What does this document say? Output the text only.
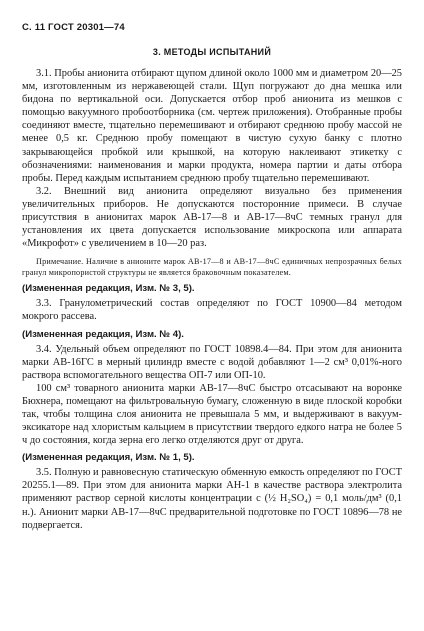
С. 11 ГОСТ 20301—74
3. МЕТОДЫ ИСПЫТАНИЙ

3.1. Пробы анионита отбирают щупом длиной около 1000 мм и диаметром 20—25 мм, изготовленным из нержавеющей стали. Щуп погружают до дна мешка или бидона по вертикальной оси. Допускается отбор проб анионита из мешков с помощью вакуумного пробоотборника (см. чертеж приложения). Отобранные пробы соединяют вместе, тщательно перемешивают и отбирают среднюю пробу массой не менее 0,5 кг. Среднюю пробу помещают в чистую сухую банку с плотно закрывающейся пробкой или крышкой, на которую наклеивают этикетку с обозначениями: наименования и марки продукта, номера партии и даты отбора пробы. Перед каждым испытанием среднюю пробу тщательно перемешивают.

3.2. Внешний вид анионита определяют визуально без применения увеличительных приборов. Не допускаются посторонние примеси. В случае присутствия в анионитах марок АВ-17—8 и АВ-17—8чС темных гранул для установления их цвета допускается использование микроскопа или аппарата «Микрофот» с увеличением в 10—20 раз.

Примечание. Наличие в анионите марок АВ-17—8 и АВ-17—8чС единичных непрозрачных белых гранул микропористой структуры не является браковочным показателем.

(Измененная редакция, Изм. № 3, 5).

3.3. Гранулометрический состав определяют по ГОСТ 10900—84 методом мокрого рассева.

(Измененная редакция, Изм. № 4).

3.4. Удельный объем определяют по ГОСТ 10898.4—84. При этом для анионита марки АВ-16ГС в мерный цилиндр вместе с водой добавляют 1—2 см³ 0,01%-ного раствора вспомогательного вещества ОП-7 или ОП-10.

100 см³ товарного анионита марки АВ-17—8чС быстро отсасывают на воронке Бюхнера, помещают на фильтровальную бумагу, сложенную в виде плоской коробки так, чтобы толщина слоя анионита не превышала 5 мм, и выдерживают в вакуум-эксикаторе над хлористым кальцием в присутствии твердого едкого натра не более 5 ч до состояния, когда зерна его легко отделяются друг от друга.

(Измененная редакция, Изм. № 1, 5).

3.5. Полную и равновесную статическую обменную емкость определяют по ГОСТ 20255.1—89. При этом для анионита марки АН-1 в качестве раствора электролита применяют раствор серной кислоты концентрации c (½ H₂SO₄) = 0,1 моль/дм³ (0,1 н.). Анионит марки АВ-17—8чС предварительной подготовке по ГОСТ 10896—78 не подвергается.
